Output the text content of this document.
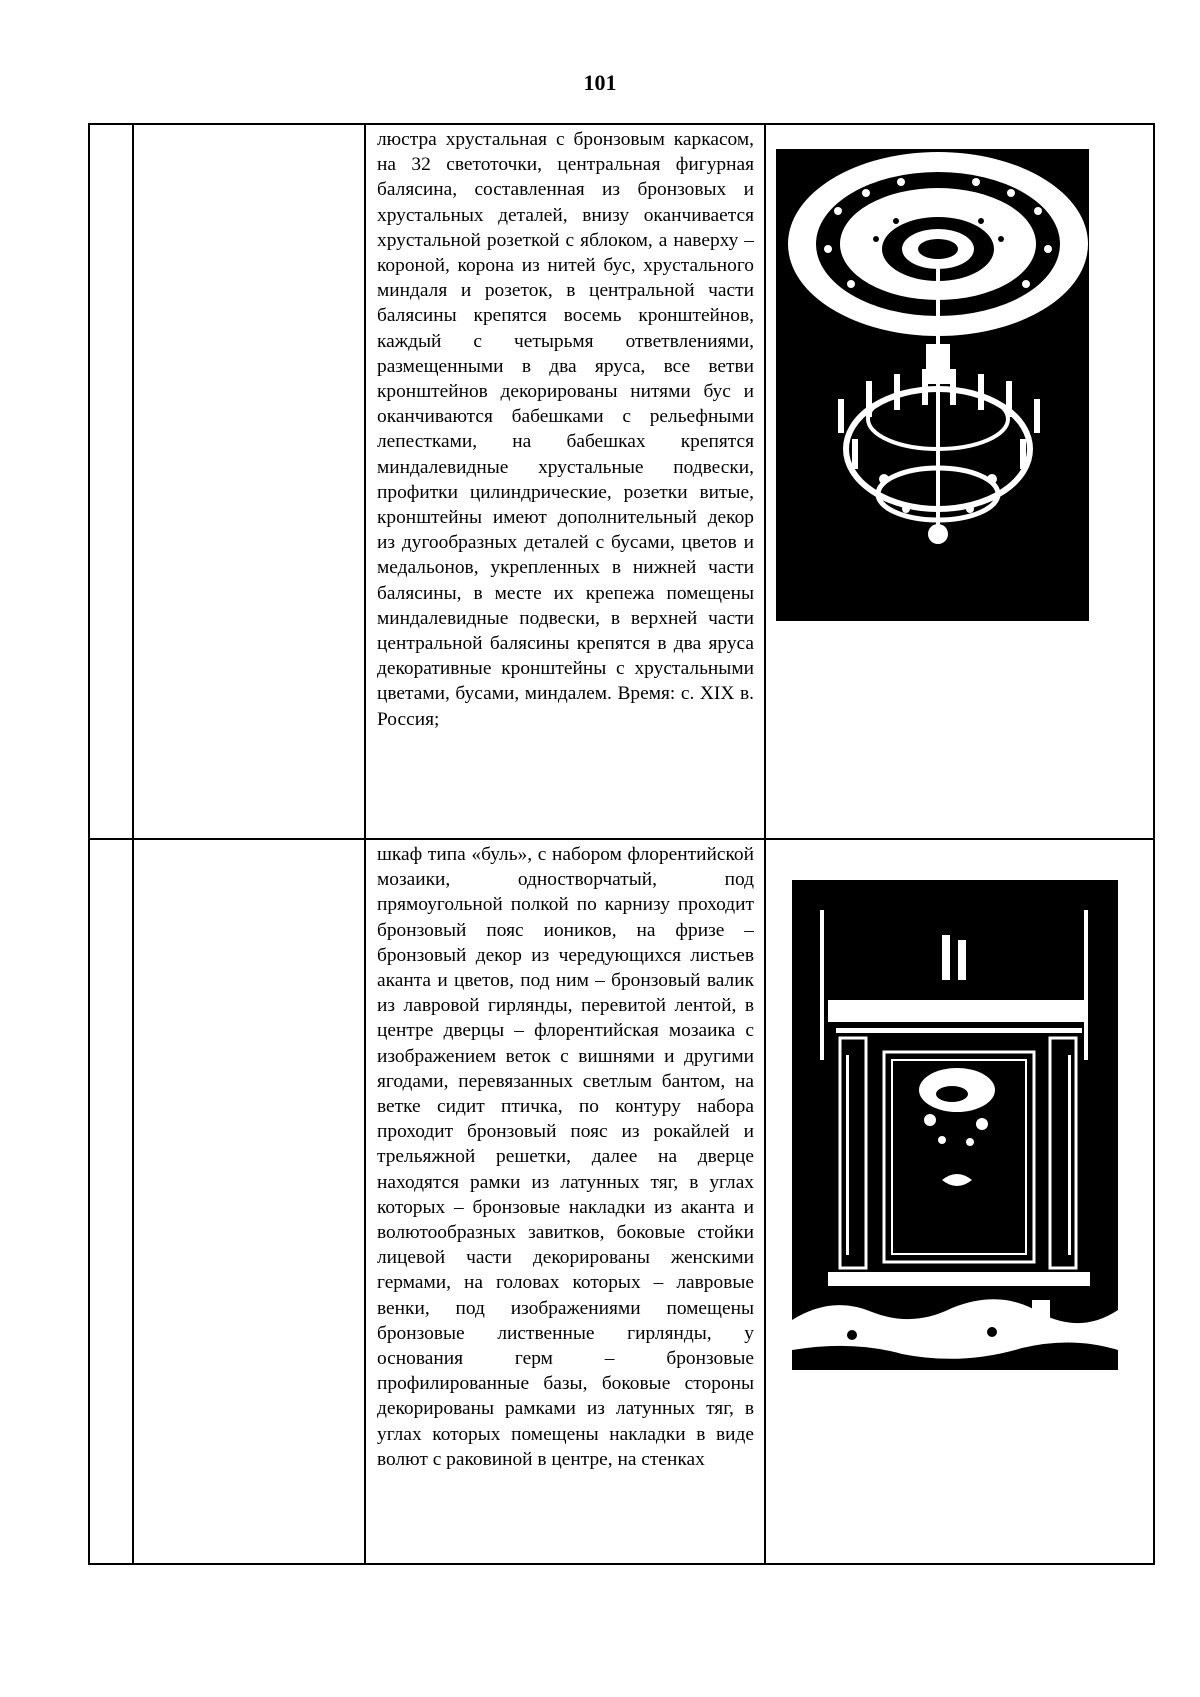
101

		люстра хрустальная с бронзовым каркасом, на 32 светоточки, центральная фигурная балясина, составленная из бронзовых и хрустальных деталей, внизу оканчивается хрустальной розеткой с яблоком, а наверху – короной, корона из нитей бус, хрустального миндаля и розеток, в центральной части балясины крепятся восемь кронштейнов, каждый с четырьмя ответвлениями, размещенными в два яруса, все ветви кронштейнов декорированы нитями бус и оканчиваются бабешками с рельефными лепестками, на бабешках крепятся миндалевидные хрустальные подвески, профитки цилиндрические, розетки витые, кронштейны имеют дополнительный декор из дугообразных деталей с бусами, цветов и медальонов, укрепленных в нижней части балясины, в месте их крепежа помещены миндалевидные подвески, в верхней части центральной балясины крепятся в два яруса декоративные кронштейны с хрустальными цветами, бусами, миндалем. Время: с. XIX в. Россия;

		шкаф типа «буль», с набором флорентийской мозаики, одностворчатый, под прямоугольной полкой по карнизу проходит бронзовый пояс иоников, на фризе – бронзовый декор из чередующихся листьев аканта и цветов, под ним – бронзовый валик из лавровой гирлянды, перевитой лентой, в центре дверцы – флорентийская мозаика с изображением веток с вишнями и другими ягодами, перевязанных светлым бантом, на ветке сидит птичка, по контуру набора проходит бронзовый пояс из рокайлей и трельяжной решетки, далее на дверце находятся рамки из латунных тяг, в углах которых – бронзовые накладки из аканта и волютообразных завитков, боковые стойки лицевой части декорированы женскими гермами, на головах которых – лавровые венки, под изображениями помещены бронзовые лиственные гирлянды, у основания герм – бронзовые профилированные базы, боковые стороны декорированы рамками из латунных тяг, в углах которых помещены накладки в виде волют с раковиной в центре, на стенках
